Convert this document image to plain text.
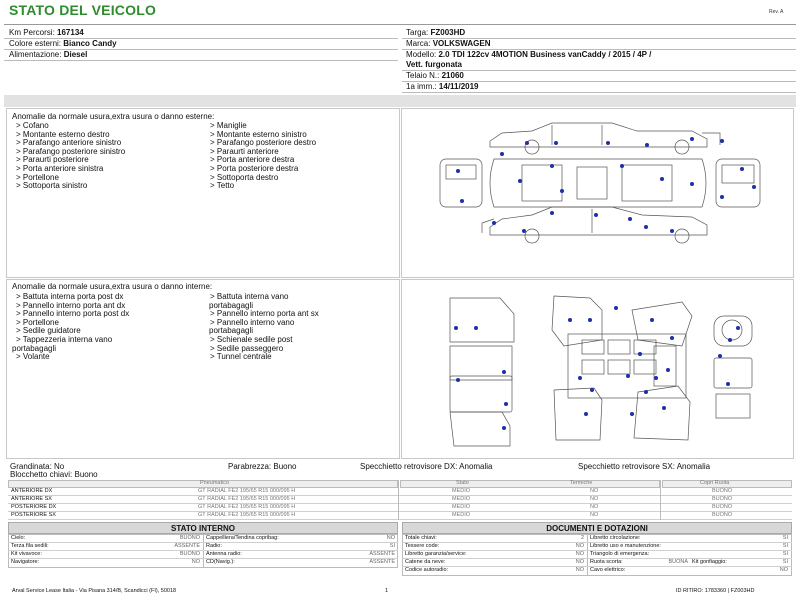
STATO DEL VEICOLO	Rev. A
Km Percorsi: 167134
Colore esterni: Bianco Candy
Alimentazione: Diesel
Targa: FZ003HD
Marca: VOLKSWAGEN
Modello: 2.0 TDI 122cv 4MOTION Business vanCaddy / 2015 / 4P /
Vett. furgonata
Telaio N.: 21060
1a imm.: 14/11/2019
Anomalie da normale usura,extra usura o danno esterne:
> Cofano
> Montante esterno destro
> Parafango anteriore sinistro
> Parafango posteriore sinistro
> Paraurti posteriore
> Porta anteriore sinistra
> Portellone
> Sottoporta sinistro
> Maniglie
> Montante esterno sinistro
> Parafango posteriore destro
> Paraurti anteriore
> Porta anteriore destra
> Porta posteriore destra
> Sottoporta destro
> Tetto
Anomalie da normale usura,extra usura o danno interne:
> Battuta interna porta post dx
> Pannello interno porta ant dx
> Pannello interno porta post dx
> Portellone
> Sedile guidatore
> Tappezzeria interna vano
portabagagli
> Volante
> Battuta interna vano
portabagagli
> Pannello interno porta ant sx
> Pannello interno vano
portabagagli
> Schienale sedile post
> Sedile passeggero
> Tunnel centrale
Grandinata: No
Blocchetto chiavi: Buono
Parabrezza: Buono	Specchietto retrovisore DX: Anomalia	Specchietto retrovisore SX: Anomalia
Pneumatico	Stato	Termiche	Copri Ruota
ANTERIORE DX	GT RADIAL FE2 195/65 R15 000/095 H	MEDIO	NO	BUONO
ANTERIORE SX	GT RADIAL FE2 195/65 R15 000/095 H	MEDIO	NO	BUONO
POSTERIORE DX	GT RADIAL FE2 195/65 R15 000/095 H	MEDIO	NO	BUONO
POSTERIORE SX	GT RADIAL FE2 195/65 R15 000/095 H	MEDIO	NO	BUONO
STATO INTERNO
Cielo:	BUONO Cappelliera/Tendina copribag:	NO
Terza fila sedili:	ASSENTE Radio:	SI
Kit vivavoce:	BUONO Antenna radio:	ASSENTE
Navigatore:	NO CD(Navig.):	ASSENTE
DOCUMENTI E DOTAZIONI
Totale chiavi:	2 Libretto circolazione:	SI
Tessere code:	NO Libretto uso e manutenzione:	SI
Libretto garanzia/service:	NO Triangolo di emergenza:	SI
Catene da neve:	NO Ruota scorta:	BUONA Kit gonfiaggio:	SI
Codice autoradio:	NO Cavo elettrico:	NO
Arval Service Lease Italia - Via Pisana 314/B, Scandicci (FI), 50018	1	ID RITIRO: 1783360 | FZ003HD
